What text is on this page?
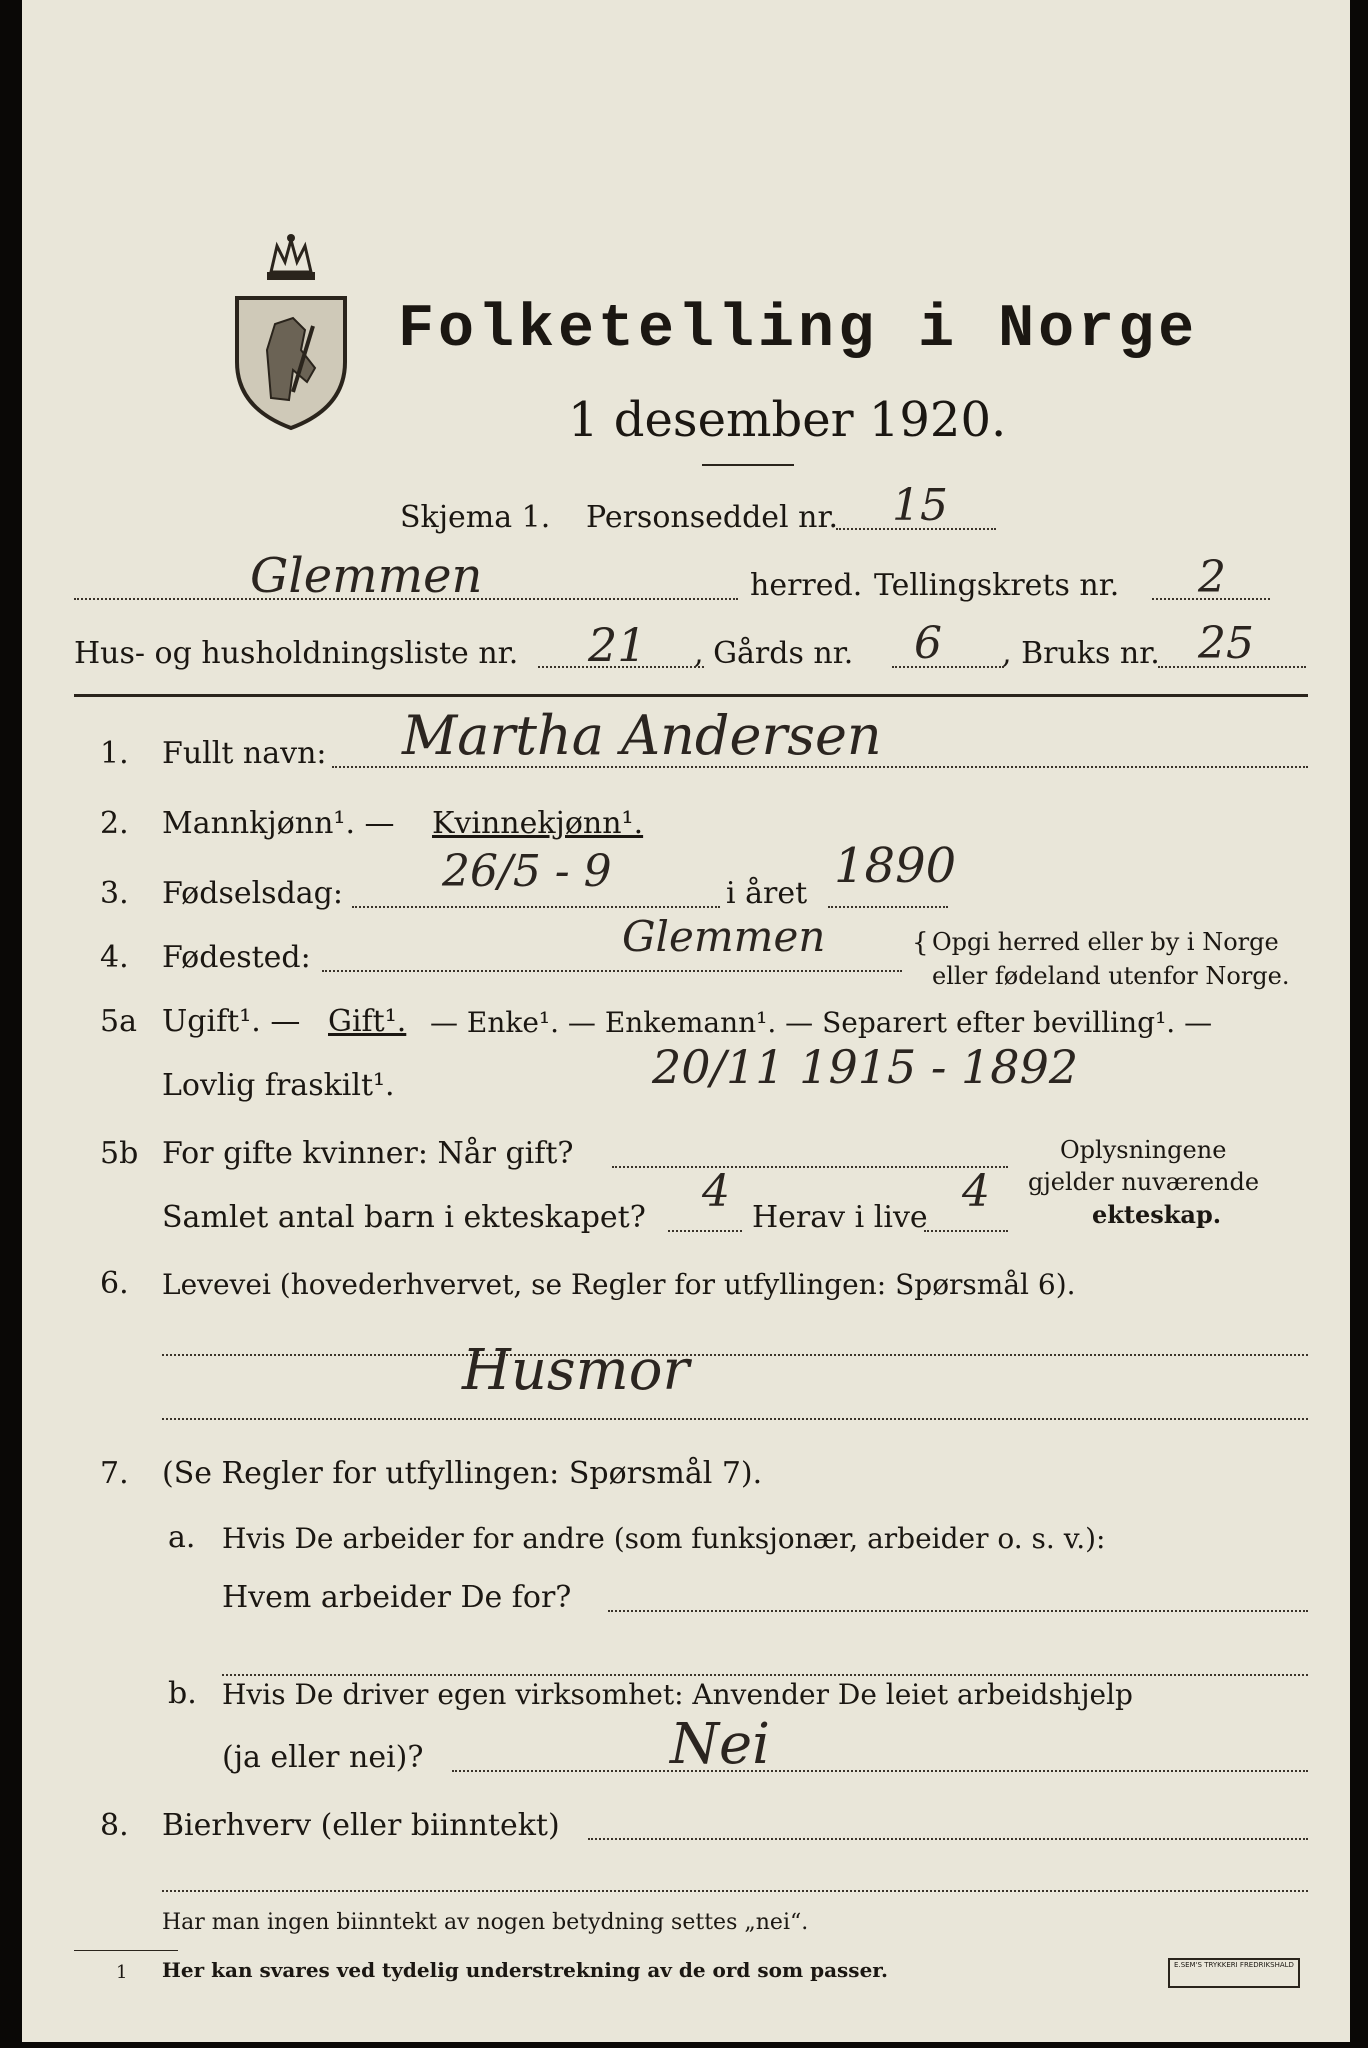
Folketelling i Norge
1 desember 1920.
Skjema 1. Personseddel nr. 15
Glemmen	herred. Tellingskrets nr. 2
Hus- og husholdningsliste nr. 21 , Gårds nr. 6 , Bruks nr. 25
1. Fullt navn: Martha Andersen
2. Mannkjønn¹. — Kvinnekjønn¹.
3. Fødselsdag: 26/5 - 9	i året 1890
4. Fødested:	Glemmen	{ Opgi herred eller by i Norge
eller fødeland utenfor Norge.
5a Ugift¹. — Gift¹. — Enke¹. — Enkemann¹. — Separert efter bevilling¹. —
Lovlig fraskilt¹.	20/11 1915 - 1892
5b For gifte kvinner: Når gift?
Samlet antal barn i ekteskapet?
4
Herav i live
4
Oplysningene
gjelder nuværende
ekteskap.
6. Levevei (hovederhvervet, se Regler for utfyllingen: Spørsmål 6).
Husmor
7. (Se Regler for utfyllingen: Spørsmål 7).
a. Hvis De arbeider for andre (som funksjonær, arbeider o. s. v.):
Hvem arbeider De for?
b. Hvis De driver egen virksomhet: Anvender De leiet arbeidshjelp
(ja eller nei)?	Nei
8. Bierhverv (eller biinntekt)
Har man ingen biinntekt av nogen betydning settes „nei“.
1 Her kan svares ved tydelig understrekning av de ord som passer.	E.SEM'S TRYKKERI FREDRIKSHALD
